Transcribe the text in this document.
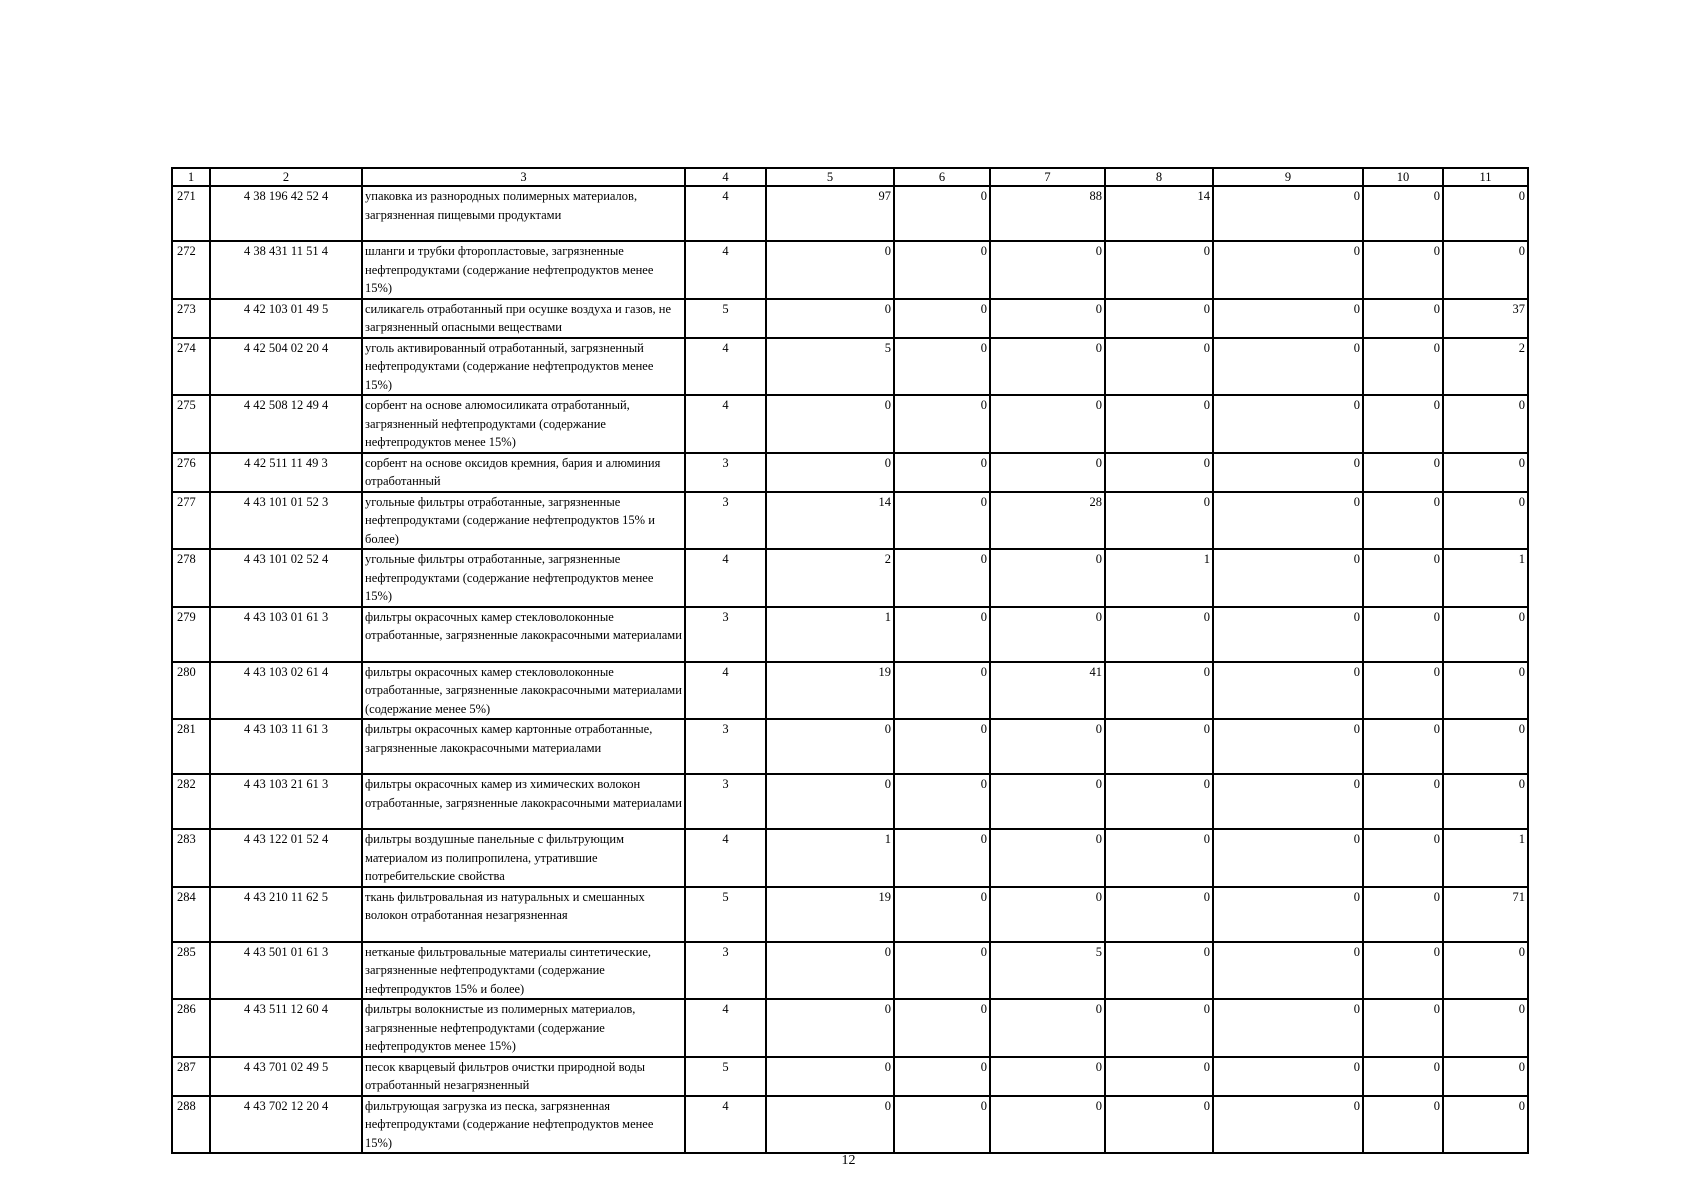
1	2	3	4	5	6	7	8	9	10	11
271	4 38 196 42 52 4	упаковка из разнородных полимерных материалов, загрязненная пищевыми продуктами	4	97	0	88	14	0	0	0
272	4 38 431 11 51 4	шланги и трубки фторопластовые, загрязненные нефтепродуктами (содержание нефтепродуктов менее 15%)	4	0	0	0	0	0	0	0
273	4 42 103 01 49 5	силикагель отработанный при осушке воздуха и газов, не загрязненный опасными веществами	5	0	0	0	0	0	0	37
274	4 42 504 02 20 4	уголь активированный отработанный, загрязненный нефтепродуктами (содержание нефтепродуктов менее 15%)	4	5	0	0	0	0	0	2
275	4 42 508 12 49 4	сорбент на основе алюмосиликата отработанный, загрязненный нефтепродуктами (содержание нефтепродуктов менее 15%)	4	0	0	0	0	0	0	0
276	4 42 511 11 49 3	сорбент на основе оксидов кремния, бария и алюминия отработанный	3	0	0	0	0	0	0	0
277	4 43 101 01 52 3	угольные фильтры отработанные, загрязненные нефтепродуктами (содержание нефтепродуктов 15% и более)	3	14	0	28	0	0	0	0
278	4 43 101 02 52 4	угольные фильтры отработанные, загрязненные нефтепродуктами (содержание нефтепродуктов менее 15%)	4	2	0	0	1	0	0	1
279	4 43 103 01 61 3	фильтры окрасочных камер стекловолоконные отработанные, загрязненные лакокрасочными материалами	3	1	0	0	0	0	0	0
280	4 43 103 02 61 4	фильтры окрасочных камер стекловолоконные отработанные, загрязненные лакокрасочными материалами (содержание менее 5%)	4	19	0	41	0	0	0	0
281	4 43 103 11 61 3	фильтры окрасочных камер картонные отработанные, загрязненные лакокрасочными материалами	3	0	0	0	0	0	0	0
282	4 43 103 21 61 3	фильтры окрасочных камер из химических волокон отработанные, загрязненные лакокрасочными материалами	3	0	0	0	0	0	0	0
283	4 43 122 01 52 4	фильтры воздушные панельные с фильтрующим материалом из полипропилена, утратившие потребительские свойства	4	1	0	0	0	0	0	1
284	4 43 210 11 62 5	ткань фильтровальная из натуральных и смешанных волокон отработанная незагрязненная	5	19	0	0	0	0	0	71
285	4 43 501 01 61 3	нетканые фильтровальные материалы синтетические, загрязненные нефтепродуктами (содержание нефтепродуктов 15% и более)	3	0	0	5	0	0	0	0
286	4 43 511 12 60 4	фильтры волокнистые из полимерных материалов, загрязненные нефтепродуктами (содержание нефтепродуктов менее 15%)	4	0	0	0	0	0	0	0
287	4 43 701 02 49 5	песок кварцевый фильтров очистки природной воды отработанный незагрязненный	5	0	0	0	0	0	0	0
288	4 43 702 12 20 4	фильтрующая загрузка из песка, загрязненная нефтепродуктами (содержание нефтепродуктов менее 15%)	4	0	0	0	0	0	0	0
12
